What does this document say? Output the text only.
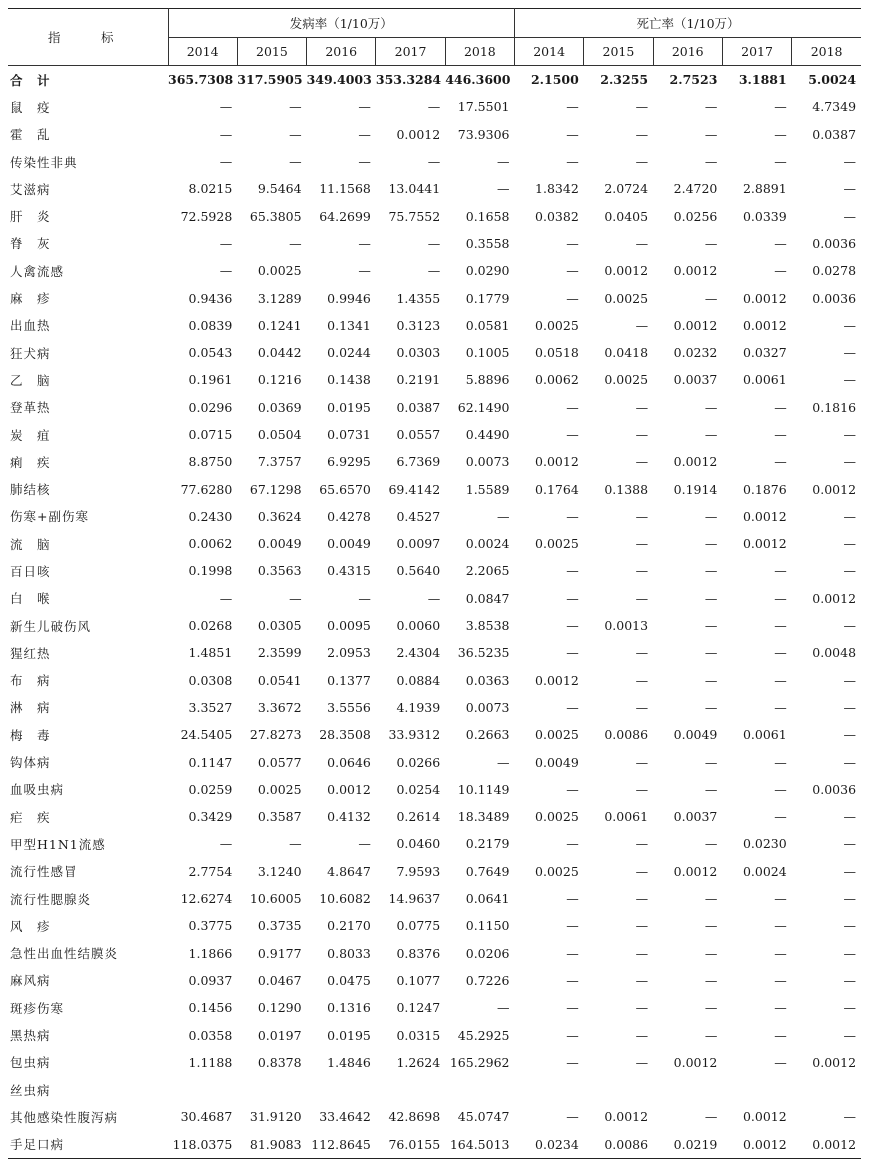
指　标	发病率（1/10万）					死亡率（1/10万）				
	2014	2015	2016	2017	2018	2014	2015	2016	2017	2018
合　计	365.7308	317.5905	349.4003	353.3284	446.3600	2.1500	2.3255	2.7523	3.1881	5.0024
鼠　疫	—	—	—	—	17.5501	—	—	—	—	4.7349
霍　乱	—	—	—	0.0012	73.9306	—	—	—	—	0.0387
传染性非典	—	—	—	—	—	—	—	—	—	—
艾滋病	8.0215	9.5464	11.1568	13.0441	—	1.8342	2.0724	2.4720	2.8891	—
肝　炎	72.5928	65.3805	64.2699	75.7552	0.1658	0.0382	0.0405	0.0256	0.0339	—
脊　灰	—	—	—	—	0.3558	—	—	—	—	0.0036
人禽流感	—	0.0025	—	—	0.0290	—	0.0012	0.0012	—	0.0278
麻　疹	0.9436	3.1289	0.9946	1.4355	0.1779	—	0.0025	—	0.0012	0.0036
出血热	0.0839	0.1241	0.1341	0.3123	0.0581	0.0025	—	0.0012	0.0012	—
狂犬病	0.0543	0.0442	0.0244	0.0303	0.1005	0.0518	0.0418	0.0232	0.0327	—
乙　脑	0.1961	0.1216	0.1438	0.2191	5.8896	0.0062	0.0025	0.0037	0.0061	—
登革热	0.0296	0.0369	0.0195	0.0387	62.1490	—	—	—	—	0.1816
炭　疽	0.0715	0.0504	0.0731	0.0557	0.4490	—	—	—	—	—
痢　疾	8.8750	7.3757	6.9295	6.7369	0.0073	0.0012	—	0.0012	—	—
肺结核	77.6280	67.1298	65.6570	69.4142	1.5589	0.1764	0.1388	0.1914	0.1876	0.0012
伤寒+副伤寒	0.2430	0.3624	0.4278	0.4527	—	—	—	—	0.0012	—
流　脑	0.0062	0.0049	0.0049	0.0097	0.0024	0.0025	—	—	0.0012	—
百日咳	0.1998	0.3563	0.4315	0.5640	2.2065	—	—	—	—	—
白　喉	—	—	—	—	0.0847	—	—	—	—	0.0012
新生儿破伤风	0.0268	0.0305	0.0095	0.0060	3.8538	—	0.0013	—	—	—
猩红热	1.4851	2.3599	2.0953	2.4304	36.5235	—	—	—	—	0.0048
布　病	0.0308	0.0541	0.1377	0.0884	0.0363	0.0012	—	—	—	—
淋　病	3.3527	3.3672	3.5556	4.1939	0.0073	—	—	—	—	—
梅　毒	24.5405	27.8273	28.3508	33.9312	0.2663	0.0025	0.0086	0.0049	0.0061	—
钩体病	0.1147	0.0577	0.0646	0.0266	—	0.0049	—	—	—	—
血吸虫病	0.0259	0.0025	0.0012	0.0254	10.1149	—	—	—	—	0.0036
疟　疾	0.3429	0.3587	0.4132	0.2614	18.3489	0.0025	0.0061	0.0037	—	—
甲型H1N1流感	—	—	—	0.0460	0.2179	—	—	—	0.0230	—
流行性感冒	2.7754	3.1240	4.8647	7.9593	0.7649	0.0025	—	0.0012	0.0024	—
流行性腮腺炎	12.6274	10.6005	10.6082	14.9637	0.0641	—	—	—	—	—
风　疹	0.3775	0.3735	0.2170	0.0775	0.1150	—	—	—	—	—
急性出血性结膜炎	1.1866	0.9177	0.8033	0.8376	0.0206	—	—	—	—	—
麻风病	0.0937	0.0467	0.0475	0.1077	0.7226	—	—	—	—	—
斑疹伤寒	0.1456	0.1290	0.1316	0.1247	—	—	—	—	—	—
黑热病	0.0358	0.0197	0.0195	0.0315	45.2925	—	—	—	—	—
包虫病	1.1188	0.8378	1.4846	1.2624	165.2962	—	—	0.0012	—	0.0012
丝虫病										
其他感染性腹泻病	30.4687	31.9120	33.4642	42.8698	45.0747	—	0.0012	—	0.0012	—
手足口病	118.0375	81.9083	112.8645	76.0155	164.5013	0.0234	0.0086	0.0219	0.0012	0.0012
